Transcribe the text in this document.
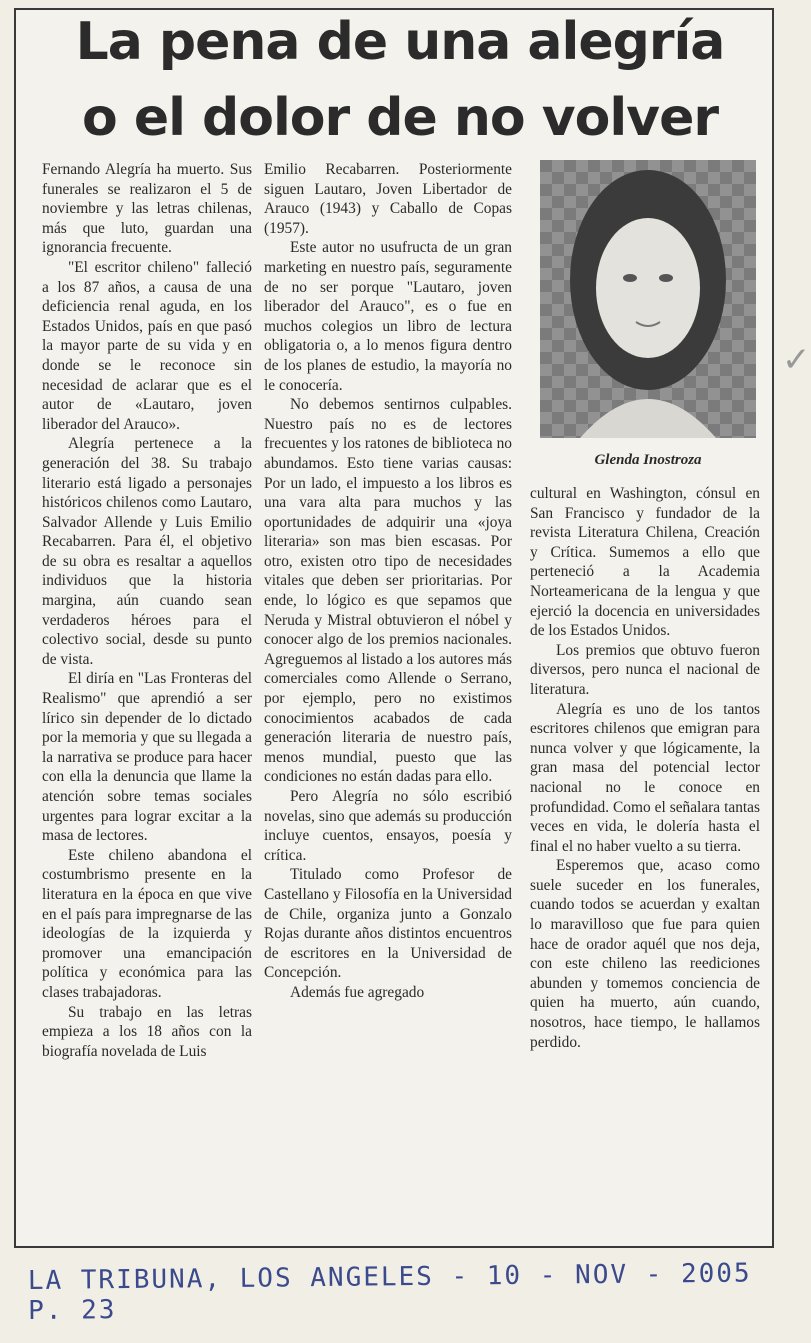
La pena de una alegría
o el dolor de no volver

Fernando Alegría ha muerto. Sus funerales se realizaron el 5 de noviembre y las letras chilenas, más que luto, guardan una ignorancia frecuente.

"El escritor chileno" falleció a los 87 años, a causa de una deficiencia renal aguda, en los Estados Unidos, país en que pasó la mayor parte de su vida y en donde se le reconoce sin necesidad de aclarar que es el autor de «Lautaro, joven liberador del Arauco».

Alegría pertenece a la generación del 38. Su trabajo literario está ligado a personajes históricos chilenos como Lautaro, Salvador Allende y Luis Emilio Recabarren. Para él, el objetivo de su obra es resaltar a aquellos individuos que la historia margina, aún cuando sean verdaderos héroes para el colectivo social, desde su punto de vista.

El diría en "Las Fronteras del Realismo" que aprendió a ser lírico sin depender de lo dictado por la memoria y que su llegada a la narrativa se produce para hacer con ella la denuncia que llame la atención sobre temas sociales urgentes para lograr excitar a la masa de lectores.

Este chileno abandona el costumbrismo presente en la literatura en la época en que vive en el país para impregnarse de las ideologías de la izquierda y promover una emancipación política y económica para las clases trabajadoras.

Su trabajo en las letras empieza a los 18 años con la biografía novelada de Luis

Emilio Recabarren. Posteriormente siguen Lautaro, Joven Libertador de Arauco (1943) y Caballo de Copas (1957).

Este autor no usufructa de un gran marketing en nuestro país, seguramente de no ser porque "Lautaro, joven liberador del Arauco", es o fue en muchos colegios un libro de lectura obligatoria o, a lo menos figura dentro de los planes de estudio, la mayoría no le conocería.

No debemos sentirnos culpables. Nuestro país no es de lectores frecuentes y los ratones de biblioteca no abundamos. Esto tiene varias causas: Por un lado, el impuesto a los libros es una vara alta para muchos y las oportunidades de adquirir una «joya literaria» son mas bien escasas. Por otro, existen otro tipo de necesidades vitales que deben ser prioritarias. Por ende, lo lógico es que sepamos que Neruda y Mistral obtuvieron el nóbel y conocer algo de los premios nacionales. Agreguemos al listado a los autores más comerciales como Allende o Serrano, por ejemplo, pero no existimos conocimientos acabados de cada generación literaria de nuestro país, menos mundial, puesto que las condiciones no están dadas para ello.

Pero Alegría no sólo escribió novelas, sino que además su producción incluye cuentos, ensayos, poesía y crítica.

Titulado como Profesor de Castellano y Filosofía en la Universidad de Chile, organiza junto a Gonzalo Rojas durante años distintos encuentros de escritores en la Universidad de Concepción.

Además fue agregado

Glenda Inostroza

cultural en Washington, cónsul en San Francisco y fundador de la revista Literatura Chilena, Creación y Crítica. Sumemos a ello que perteneció a la Academia Norteamericana de la lengua y que ejerció la docencia en universidades de los Estados Unidos.

Los premios que obtuvo fueron diversos, pero nunca el nacional de literatura.

Alegría es uno de los tantos escritores chilenos que emigran para nunca volver y que lógicamente, la gran masa del potencial lector nacional no le conoce en profundidad. Como el señalara tantas veces en vida, le dolería hasta el final el no haber vuelto a su tierra.

Esperemos que, acaso como suele suceder en los funerales, cuando todos se acuerdan y exaltan lo maravilloso que fue para quien hace de orador aquél que nos deja, con este chileno las reediciones abunden y tomemos conciencia de quien ha muerto, aún cuando, nosotros, hace tiempo, le hallamos perdido.

LA TRIBUNA, LOS ANGELES - 10 - NOV - 2005 P. 23
✓
